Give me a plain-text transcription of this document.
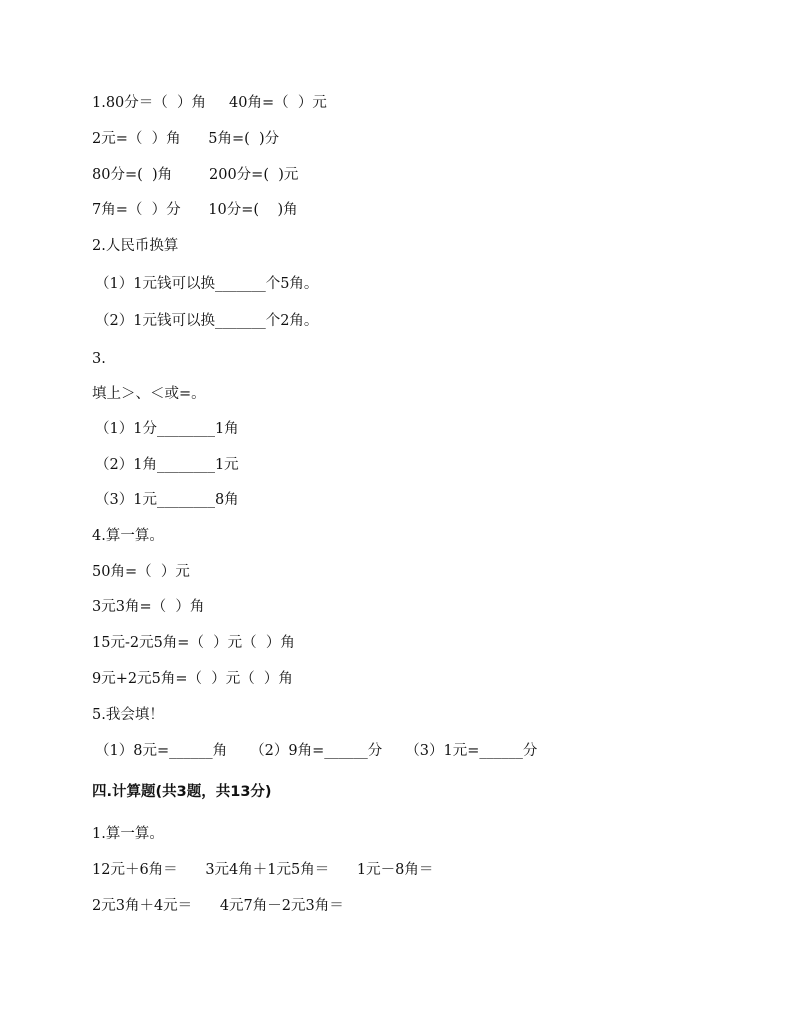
1.80分＝（  ）角     40角=（  ）元
2元=（  ）角      5角=(  )分
80分=(  )角        200分=(  )元
7角=（  ）分      10分=(    )角
2.人民币换算
（1）1元钱可以换_______个5角。
（2）1元钱可以换_______个2角。
3.
填上＞、＜或=。
（1）1分________1角
（2）1角________1元
（3）1元________8角
4.算一算。
50角=（  ）元
3元3角=（  ）角
15元-2元5角=（  ）元（  ）角
9元+2元5角=（  ）元（  ）角
5.我会填！
（1）8元=______角     （2）9角=______分     （3）1元=______分
四.计算题(共3题，共13分)
1.算一算。
12元＋6角＝      3元4角＋1元5角＝      1元－8角＝
2元3角＋4元＝      4元7角－2元3角＝
